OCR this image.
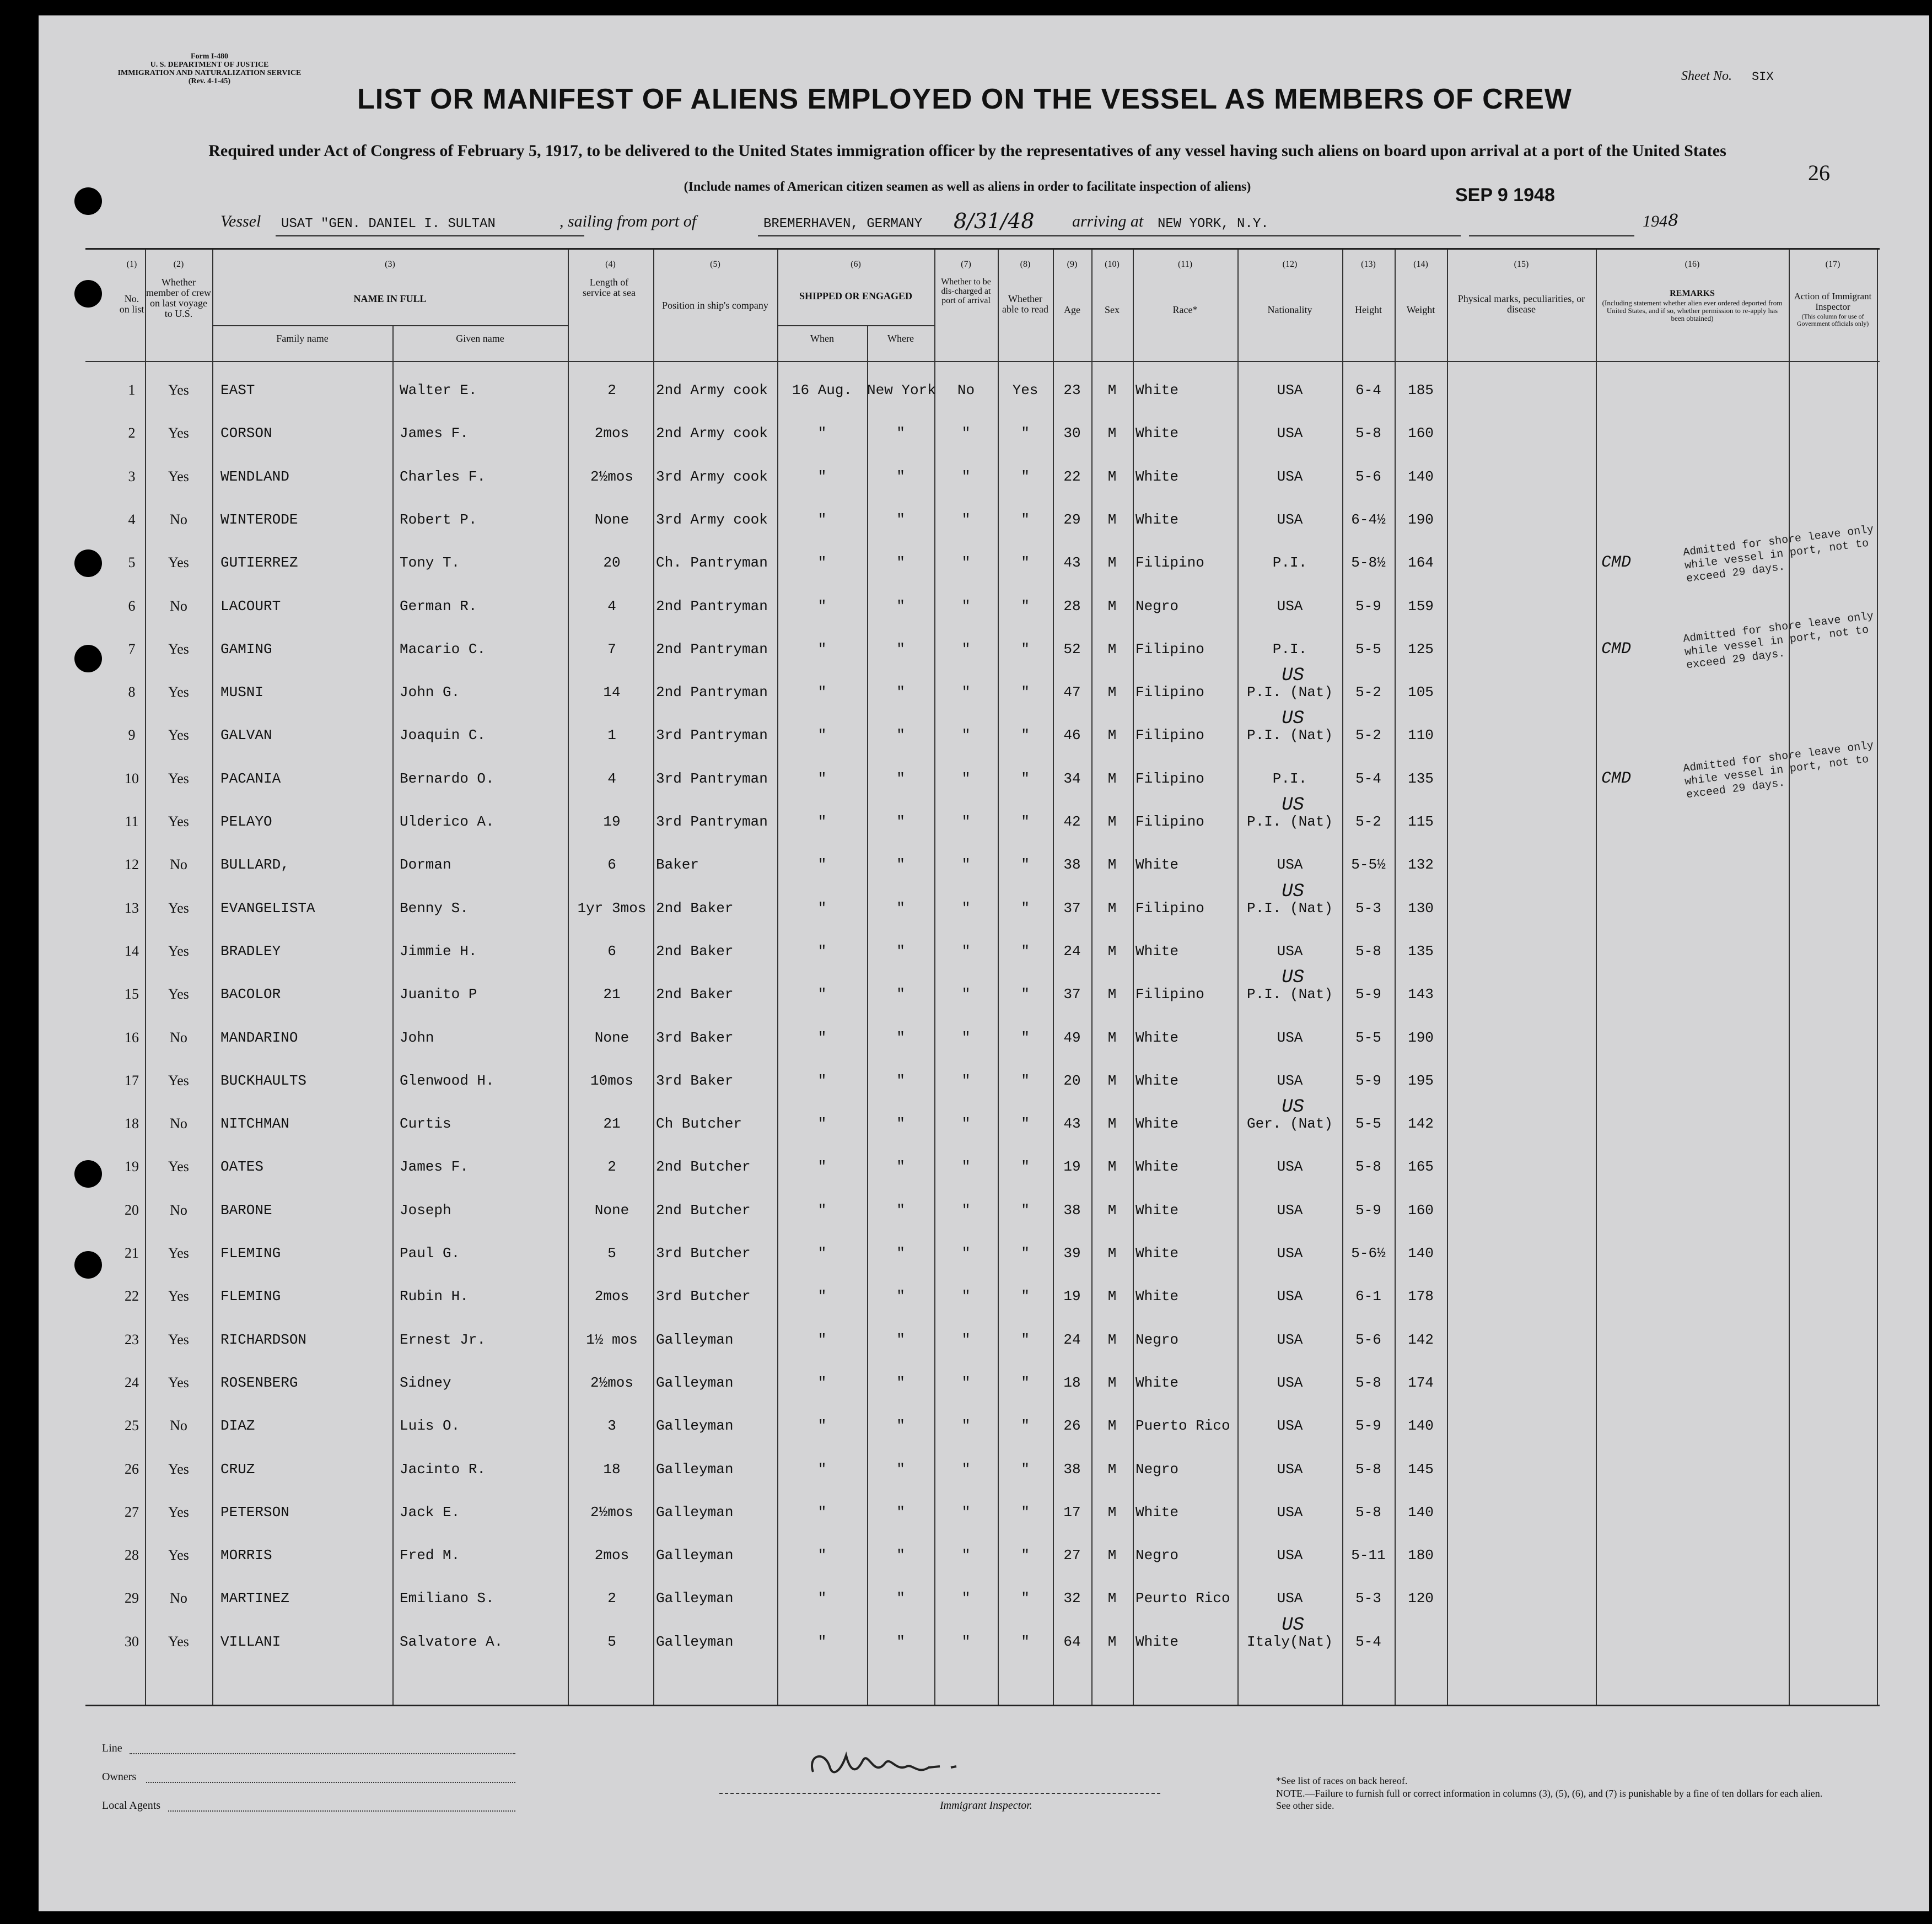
Form I-480
U. S. DEPARTMENT OF JUSTICE
IMMIGRATION AND NATURALIZATION SERVICE
(Rev. 4-1-45)	Sheet No. SIX
LIST OR MANIFEST OF ALIENS EMPLOYED ON THE VESSEL AS MEMBERS OF CREW
Required under Act of Congress of February 5, 1917, to be delivered to the United States immigration officer by the representatives of any vessel having such aliens on board upon arrival at a port of the United States
(Include names of American citizen seamen as well as aliens in order to facilitate inspection of aliens)
26
SEP 9 1948
Vessel USAT "GEN. DANIEL I. SULTAN	, sailing from port of	BREMERHAVEN, GERMANY 8/31/48 arriving at NEW YORK, N.Y.	194 8
(1)
No. on list
(2)
Whether member of crew on last voyage to U.S.
(3)
NAME IN FULL
Family name	Given name
(4)
Length of service at sea
(5)
Position in ship's company
(6)
SHIPPED OR ENGAGED
When	Where
(7)
Whether to be dis-charged at port of arrival
(8)
Whether able to read
(9)
Age
(10)
Sex
(11)
Race*
(12)
Nationality
(13)
Height
(14)
Weight
(15)
Physical marks, peculiarities, or disease
(16)
REMARKS
(Including statement whether alien ever ordered deported from United States, and if so, whether permission to re-apply has been obtained)
(17)
Action of Immigrant Inspector
(This column for use of Government officials only)
1	Yes	EAST	Walter E.	2	2nd Army cook	16 Aug.	New York	No	Yes	23	M	White	USA	6-4	185
2	Yes	CORSON	James F.	2mos	2nd Army cook	"	"	"	"	30	M	White	USA	5-8	160
3	Yes	WENDLAND	Charles F.	2½mos	3rd Army cook	"	"	"	"	22	M	White	USA	5-6	140
4	No	WINTERODE	Robert P.	None	3rd Army cook	"	"	"	"	29	M	White	USA	6-4½	190
5	Yes	GUTIERREZ	Tony T.	20	Ch. Pantryman	"	"	"	"	43	M	Filipino	P.I.	5-8½	164	CMD
Admitted for shore leave only while vessel in port, not to exceed 29 days.
6	No	LACOURT	German R.	4	2nd Pantryman	"	"	"	"	28	M	Negro	USA	5-9	159
7	Yes	GAMING	Macario C.	7	2nd Pantryman	"	"	"	"	52	M	Filipino	P.I.	5-5	125	CMD
Admitted for shore leave only while vessel in port, not to exceed 29 days.
8	Yes	MUSNI	John G.	14	2nd Pantryman	"	"	"	"	47	M	Filipino	P.I. (Nat)	5-2	105
US
9	Yes	GALVAN	Joaquin C.	1	3rd Pantryman	"	"	"	"	46	M	Filipino	P.I. (Nat)	5-2	110
US
10	Yes	PACANIA	Bernardo O.	4	3rd Pantryman	"	"	"	"	34	M	Filipino	P.I.	5-4	135	CMD
Admitted for shore leave only while vessel in port, not to exceed 29 days.
11	Yes	PELAYO	Ulderico A.	19	3rd Pantryman	"	"	"	"	42	M	Filipino	P.I. (Nat)	5-2	115
US
12	No	BULLARD,	Dorman	6	Baker	"	"	"	"	38	M	White	USA	5-5½	132
13	Yes	EVANGELISTA	Benny S.	1yr 3mos 2nd Baker	"	"	"	"	37	M	Filipino	P.I. (Nat)	5-3	130
US
14	Yes	BRADLEY	Jimmie H.	6	2nd Baker	"	"	"	"	24	M	White	USA	5-8	135
15	Yes	BACOLOR	Juanito P	21	2nd Baker	"	"	"	"	37	M	Filipino	P.I. (Nat)	5-9	143
US
16	No	MANDARINO	John	None	3rd Baker	"	"	"	"	49	M	White	USA	5-5	190
17	Yes	BUCKHAULTS	Glenwood H.	10mos	3rd Baker	"	"	"	"	20	M	White	USA	5-9	195
18	No	NITCHMAN	Curtis	21	Ch Butcher	"	"	"	"	43	M	White	Ger. (Nat)	5-5	142
US
19	Yes	OATES	James F.	2	2nd Butcher	"	"	"	"	19	M	White	USA	5-8	165
20	No	BARONE	Joseph	None	2nd Butcher	"	"	"	"	38	M	White	USA	5-9	160
21	Yes	FLEMING	Paul G.	5	3rd Butcher	"	"	"	"	39	M	White	USA	5-6½	140
22	Yes	FLEMING	Rubin H.	2mos	3rd Butcher	"	"	"	"	19	M	White	USA	6-1	178
23	Yes	RICHARDSON	Ernest Jr.	1½ mos	Galleyman	"	"	"	"	24	M	Negro	USA	5-6	142
24	Yes	ROSENBERG	Sidney	2½mos	Galleyman	"	"	"	"	18	M	White	USA	5-8	174
25	No	DIAZ	Luis O.	3	Galleyman	"	"	"	"	26	M	Puerto Rico	USA	5-9	140
26	Yes	CRUZ	Jacinto R.	18	Galleyman	"	"	"	"	38	M	Negro	USA	5-8	145
27	Yes	PETERSON	Jack E.	2½mos	Galleyman	"	"	"	"	17	M	White	USA	5-8	140
28	Yes	MORRIS	Fred M.	2mos	Galleyman	"	"	"	"	27	M	Negro	USA	5-11	180
29	No	MARTINEZ	Emiliano S.	2	Galleyman	"	"	"	"	32	M	Peurto Rico	USA	5-3	120
30	Yes	VILLANI	Salvatore A.	5	Galleyman	"	"	"	"	64	M	White	Italy(Nat)	5-4
US
Line
Owners
Local Agents	Immigrant Inspector.
*See list of races on back hereof.
NOTE.—Failure to furnish full or correct information in columns (3), (5), (6), and (7) is punishable by a fine of ten dollars for each alien. See other side.
